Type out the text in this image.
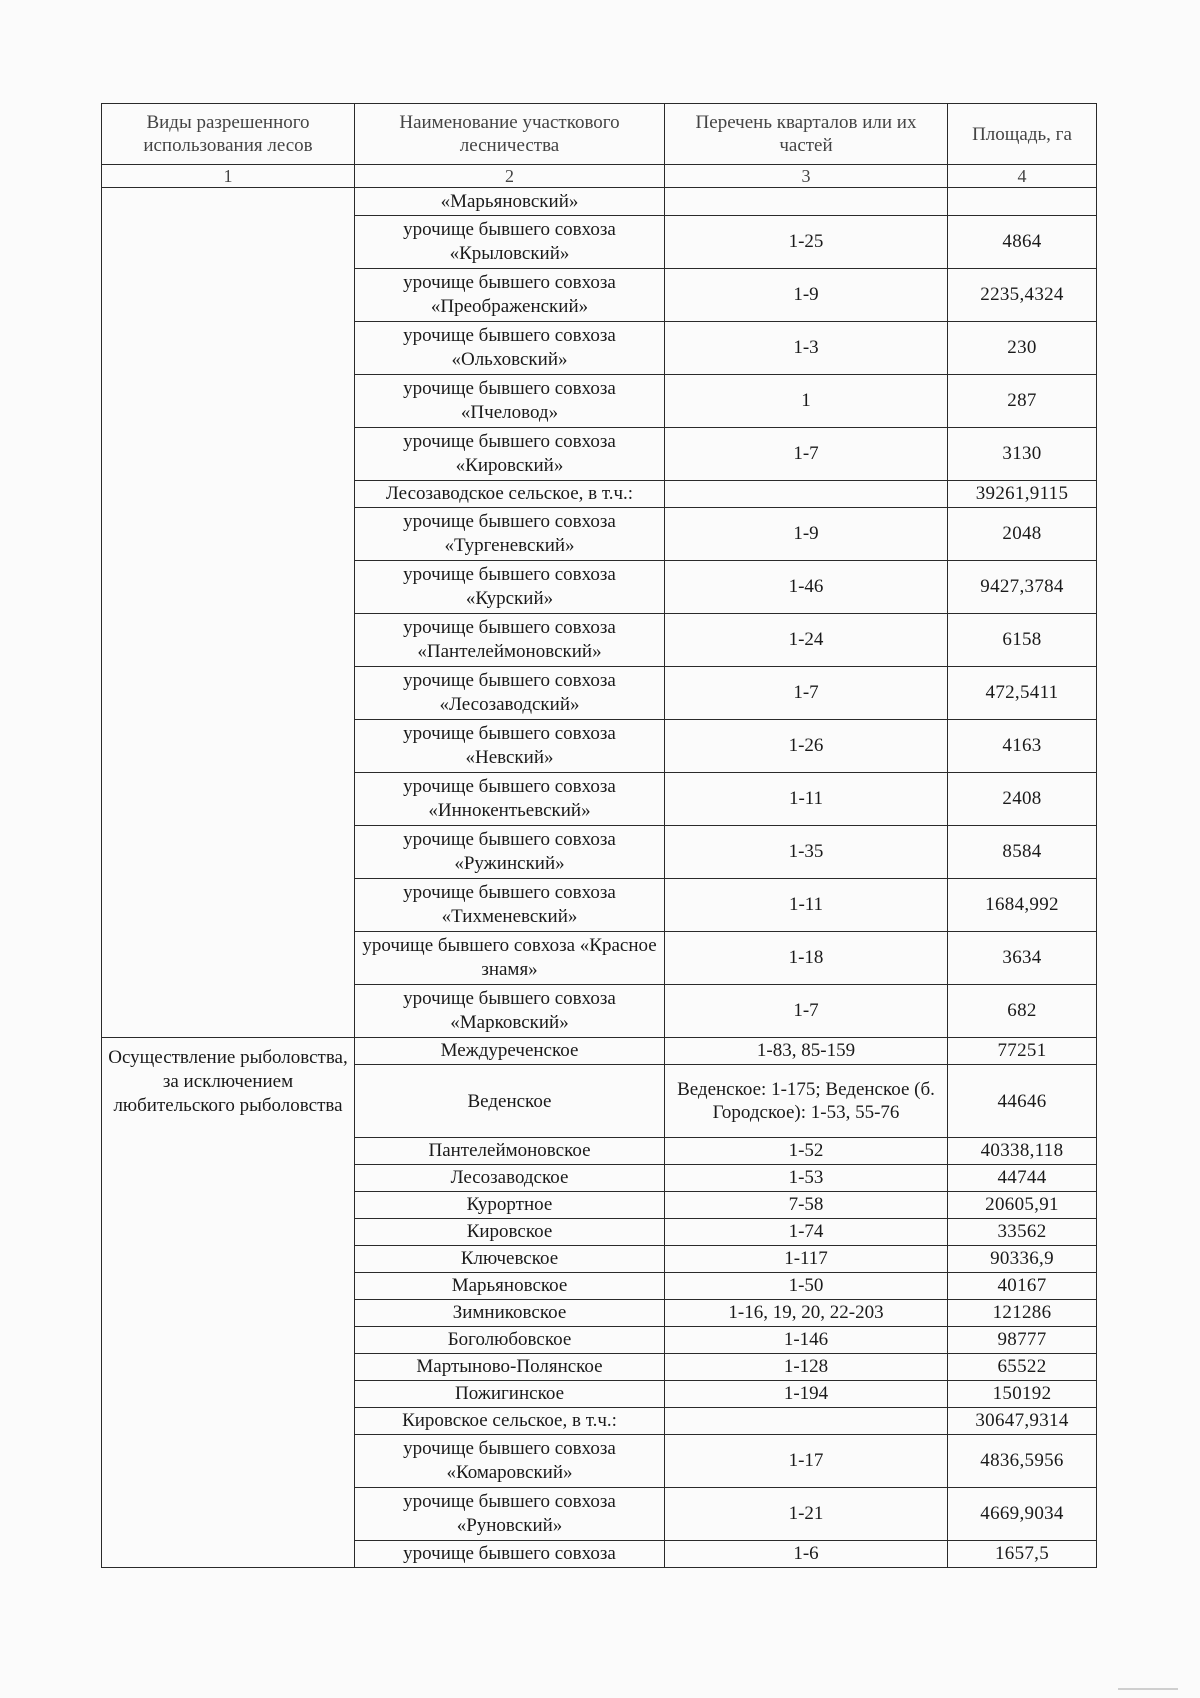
Виды разрешенного использования лесов	Наименование участкового лесничества	Перечень кварталов или их частей	Площадь, га
1	2	3	4
	«Марьяновский»		
	урочище бывшего совхоза «Крыловский»	1-25	4864
	урочище бывшего совхоза «Преображенский»	1-9	2235,4324
	урочище бывшего совхоза «Ольховский»	1-3	230
	урочище бывшего совхоза «Пчеловод»	1	287
	урочище бывшего совхоза «Кировский»	1-7	3130
	Лесозаводское сельское, в т.ч.:		39261,9115
	урочище бывшего совхоза «Тургеневский»	1-9	2048
	урочище бывшего совхоза «Курский»	1-46	9427,3784
	урочище бывшего совхоза «Пантелеймоновский»	1-24	6158
	урочище бывшего совхоза «Лесозаводский»	1-7	472,5411
	урочище бывшего совхоза «Невский»	1-26	4163
	урочище бывшего совхоза «Иннокентьевский»	1-11	2408
	урочище бывшего совхоза «Ружинский»	1-35	8584
	урочище бывшего совхоза «Тихменевский»	1-11	1684,992
	урочище бывшего совхоза «Красное знамя»	1-18	3634
	урочище бывшего совхоза «Марковский»	1-7	682
Осуществление рыболовства, за исключением любительского рыболовства	Междуреченское	1-83, 85-159	77251
	Веденское	Веденское: 1-175; Веденское (б. Городское): 1-53, 55-76	44646
	Пантелеймоновское	1-52	40338,118
	Лесозаводское	1-53	44744
	Курортное	7-58	20605,91
	Кировское	1-74	33562
	Ключевское	1-117	90336,9
	Марьяновское	1-50	40167
	Зимниковское	1-16, 19, 20, 22-203	121286
	Боголюбовское	1-146	98777
	Мартыново-Полянское	1-128	65522
	Пожигинское	1-194	150192
	Кировское сельское, в т.ч.:		30647,9314
	урочище бывшего совхоза «Комаровский»	1-17	4836,5956
	урочище бывшего совхоза «Руновский»	1-21	4669,9034
	урочище бывшего совхоза	1-6	1657,5
